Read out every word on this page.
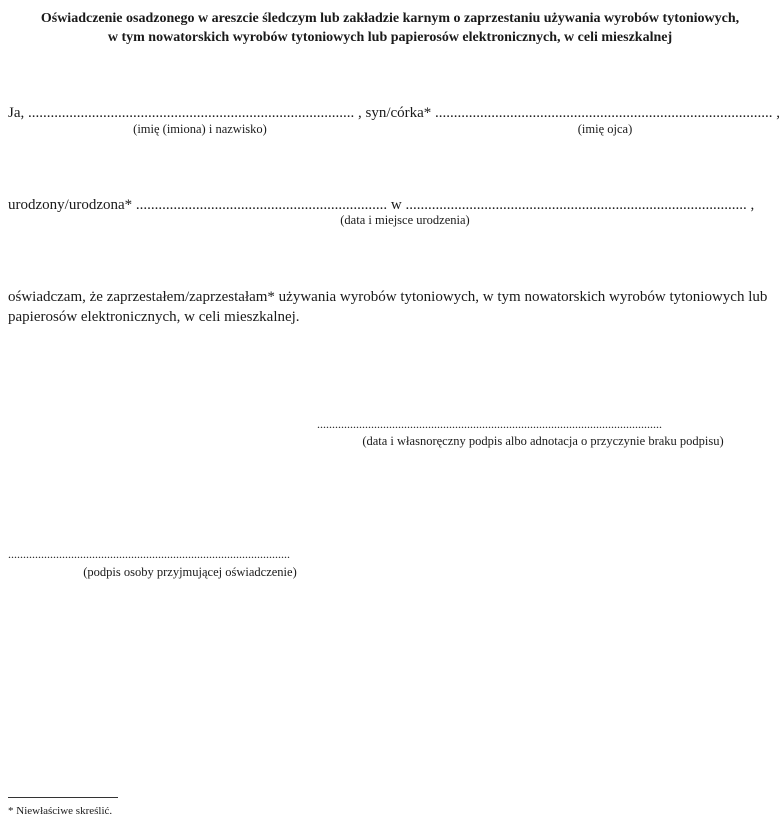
Oświadczenie osadzonego w areszcie śledczym lub zakładzie karnym o zaprzestaniu używania wyrobów tytoniowych,
w tym nowatorskich wyrobów tytoniowych lub papierosów elektronicznych, w celi mieszkalnej
Ja, ....................................................................................... , syn/córka* .......................................................................................... ,
(imię (imiona) i nazwisko)	(imię ojca)
urodzony/urodzona* ................................................................... w ........................................................................................... ,
(data i miejsce urodzenia)
oświadczam, że zaprzestałem/zaprzestałam* używania wyrobów tytoniowych, w tym nowatorskich wyrobów tytoniowych lub papierosów elektronicznych, w celi mieszkalnej.
...................................................................................................................
(data i własnoręczny podpis albo adnotacja o przyczynie braku podpisu)
..............................................................................................
(podpis osoby przyjmującej oświadczenie)
* Niewłaściwe skreślić.
